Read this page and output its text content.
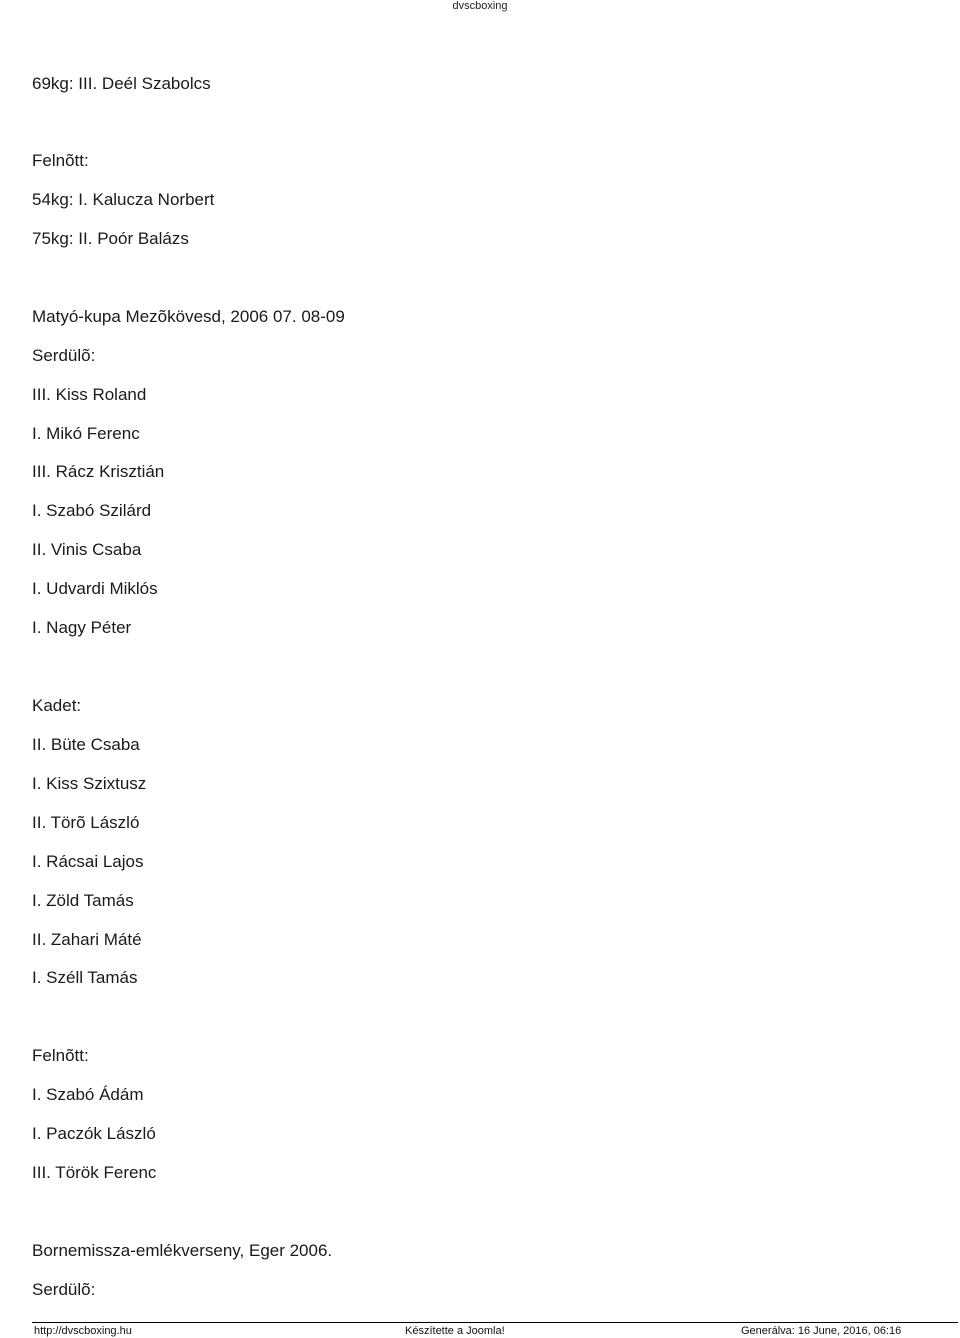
dvscboxing
69kg: III. Deél Szabolcs
Felnõtt:
54kg: I. Kalucza Norbert
75kg: II. Poór Balázs
Matyó-kupa Mezõkövesd, 2006 07. 08-09
Serdülõ:
III. Kiss Roland
I. Mikó Ferenc
III. Rácz Krisztián
I. Szabó Szilárd
II. Vinis Csaba
I. Udvardi Miklós
I. Nagy Péter
Kadet:
II. Büte Csaba
I. Kiss Szixtusz
II. Törõ László
I. Rácsai Lajos
I. Zöld Tamás
II. Zahari Máté
I. Széll Tamás
Felnõtt:
I. Szabó Ádám
I. Paczók László
III. Török Ferenc
Bornemissza-emlékverseny, Eger 2006.
Serdülõ:
http://dvscboxing.hu	Készítette a Joomla!	Generálva: 16 June, 2016, 06:16
